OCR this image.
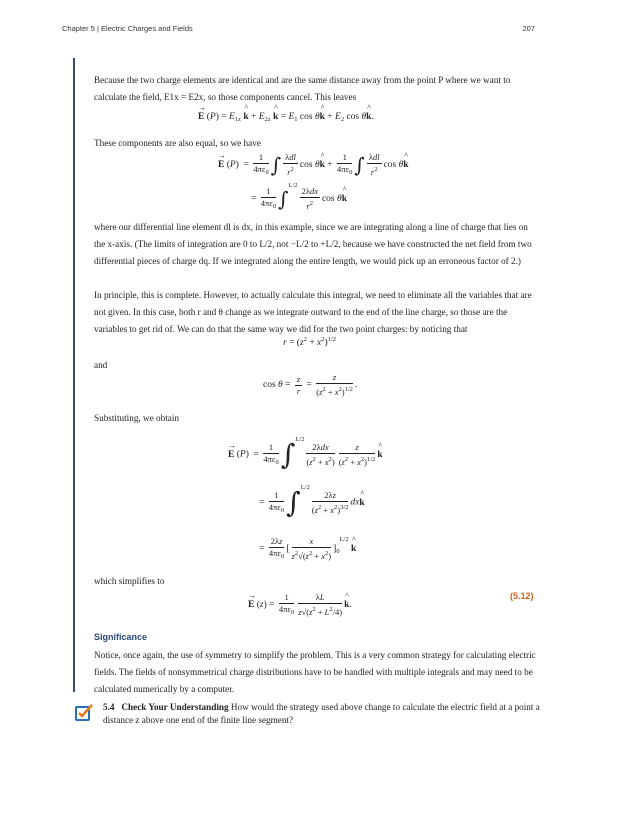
Chapter 5 | Electric Charges and Fields	207

Because the two charge elements are identical and are the same distance away from the point P where we want to calculate the field, E1x = E2x, so those components cancel. This leaves

→ E $(P) = E_{1z}$ ^ $k + E_{2z}$ ^ $k = E_1$ cos θ^ $k + E_2$ cos θ^ k.

These components are also equal, so we have

→ E $(P) = \frac{1}{4\pi\varepsilon_0}$ ∫ $\frac{\text{λdl}}{r^2}$ cos θ^ $k + \frac{1}{4\pi\varepsilon_0}$ ∫ $\frac{\text{λdl}}{r^2}$ cos θ^ k
= $\frac{1}{4\pi\varepsilon_0} \int^{L/2}$
$\frac{\text{2λdx}}{r^2}$ cos θ^ k

where our differential line element dl is dx, in this example, since we are integrating along a line of charge that lies on the x-axis. (The limits of integration are 0 to L/2, not −L/2 to +L/2, because we have constructed the net field from two differential pieces of charge dq. If we integrated along the entire length, we would pick up an erroneous factor of 2.)

In principle, this is complete. However, to actually calculate this integral, we need to eliminate all the variables that are not given. In this case, both r and θ change as we integrate outward to the end of the line charge, so those are the variables to get rid of. We can do that the same way we did for the two point charges: by noticing that

$r = (z^2 + x^2)^{1/2}$

and

$\cos \theta = \frac{z}{r} = \frac{z}{(z^2 + x^2)^{1/2}}$ .

Substituting, we obtain

→ E $(P) = \frac{1}{4\pi\varepsilon_0} \int^{L/2}$
$\frac{\text{2λdx}}{(z^2 + x^2)} \frac{z}{(z^2 + x^2)^{1/2}}$ ^ k
= $\frac{1}{4\pi\varepsilon_0} \int^{L/2}$
$\frac{2\lambda z}{(z^2 + x^2)^{3/2}}$ dx^ k
= $\frac{2\lambda z}{4\pi\varepsilon_0}$ [ $\frac{x}{z^2√(z^2 + x^2)} ]_0^{L/2}$ ^ k

which simplifies to

→ E $(z) = \frac{1}{4\pi\varepsilon_0} \frac{\lambda L}{z√(z^2 + L^2/4)}$ ^ k.
(5.12)
Significance

Notice, once again, the use of symmetry to simplify the problem. This is a very common strategy for calculating electric fields. The fields of nonsymmetrical charge distributions have to be handled with multiple integrals and may need to be calculated numerically by a computer.

5.4 Check Your Understanding How would the strategy used above change to calculate the electric field at a point a distance z above one end of the finite line segment?
